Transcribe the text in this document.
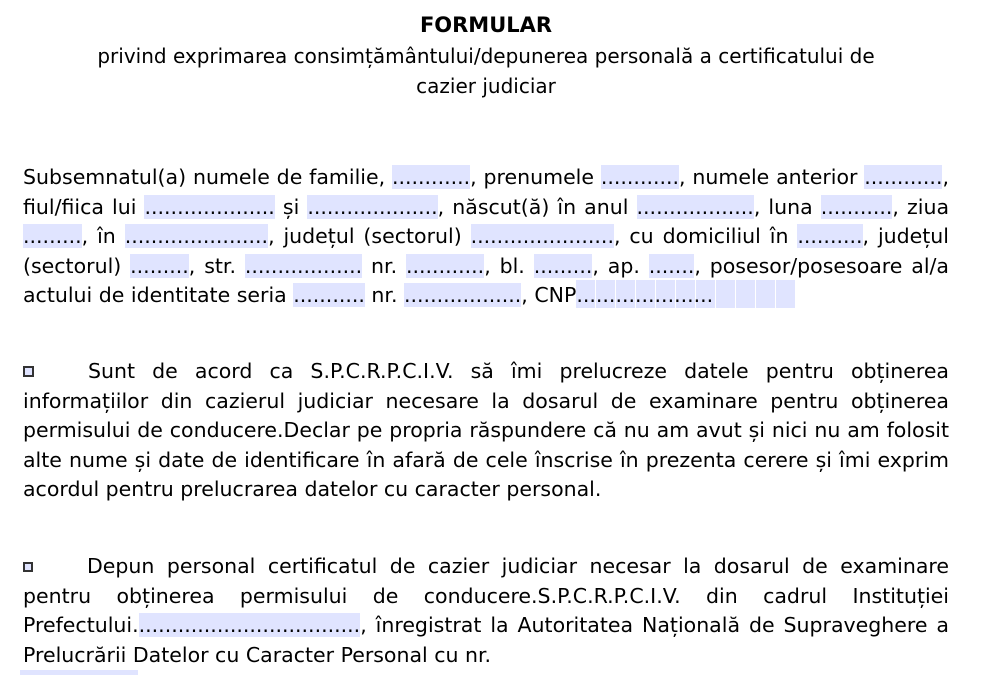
FORMULAR
privind exprimarea consimțământului/depunerea personală a certificatului de
cazier judiciar
Subsemnatul(a) numele de familie, ............, prenumele ............, numele anterior ............, fiul/fiica lui .................... și ...................., născut(ă) în anul .................., luna ..........., ziua ........., în ......................, județul (sectorul) ......................, cu domiciliul în .........., județul (sectorul) ........., str. .................. nr. ............, bl. ........., ap. ......., posesor/posesoare al/a actului de identitate seria ........... nr. .................., CNP
.....................
Sunt de acord ca S.P.C.R.P.C.I.V. să îmi prelucreze datele pentru obținerea informațiilor din cazierul judiciar necesare la dosarul de examinare pentru obținerea permisului de conducere.Declar pe propria răspundere că nu am avut și nici nu am folosit alte nume și date de identificare în afară de cele înscrise în prezenta cerere și îmi exprim acordul pentru prelucrarea datelor cu caracter personal.
Depun personal certificatul de cazier judiciar necesar la dosarul de examinare pentru obținerea permisului de conducere.S.P.C.R.P.C.I.V. din cadrul Instituției Prefectului..................................., înregistrat la Autoritatea Națională de Supraveghere a Prelucrării Datelor cu Caracter Personal cu nr.
